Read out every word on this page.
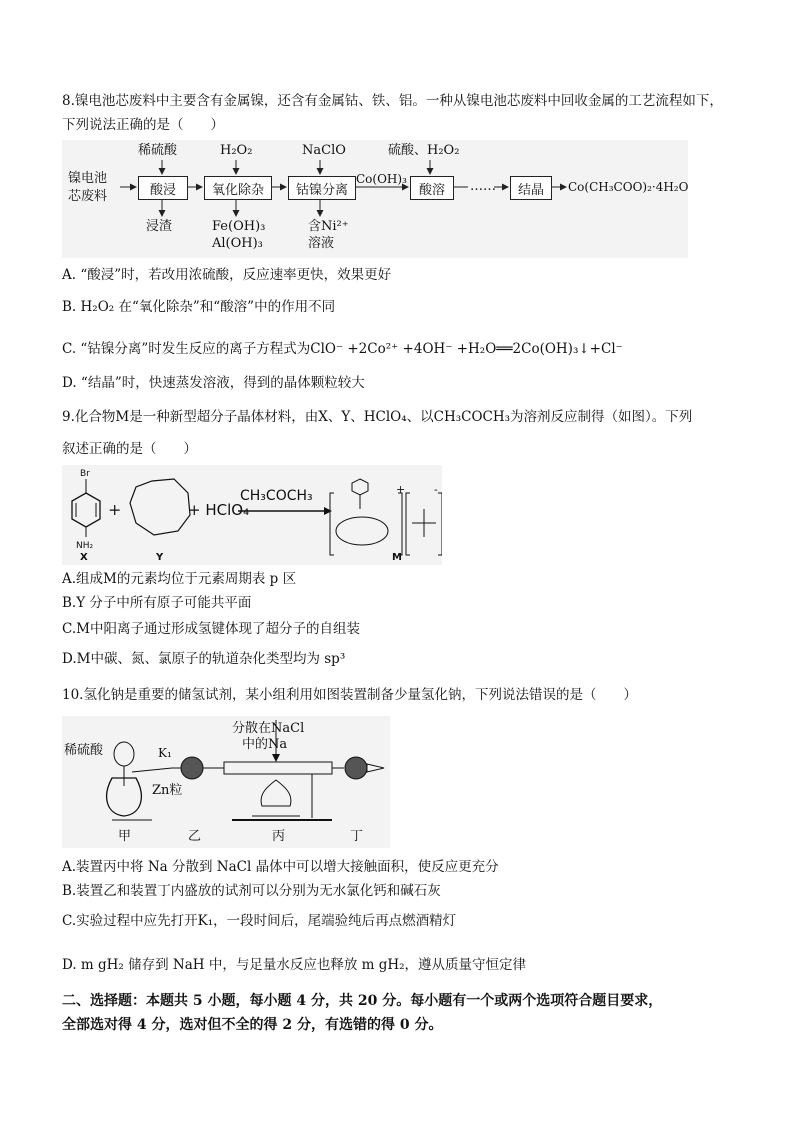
8.镍电池芯废料中主要含有金属镍，还含有金属钴、铁、铝。一种从镍电池芯废料中回收金属的工艺流程如下，
下列说法正确的是（　　）
镍电池
芯废料
稀硫酸	H₂O₂	NaClO	硫酸、H₂O₂
酸浸	氧化除杂	钴镍分离	酸溶	结晶
Co(OH)₃	……	Co(CH₃COO)₂·4H₂O
浸渣	Fe(OH)₃
Al(OH)₃
含Ni²⁺
溶液
A. “酸浸”时，若改用浓硫酸，反应速率更快，效果更好
B. H₂O₂ 在“氧化除杂”和“酸溶”中的作用不同
C. “钴镍分离”时发生反应的离子方程式为ClO⁻ +2Co²⁺ +4OH⁻ +H₂O══2Co(OH)₃↓+Cl⁻
D. “结晶”时，快速蒸发溶液，得到的晶体颗粒较大
9.化合物M是一种新型超分子晶体材料，由X、Y、HClO₄、以CH₃COCH₃为溶剂反应制得（如图）。下列
叙述正确的是（　　）
Br
NH₂
+	+ HClO₄
CH₃COCH₃
X	Y	M
+	-
A.组成M的元素均位于元素周期表 p 区
B.Y 分子中所有原子可能共平面
C.M中阳离子通过形成氢键体现了超分子的自组装
D.M中碳、氮、氯原子的轨道杂化类型均为 sp³
10.氢化钠是重要的储氢试剂，某小组利用如图装置制备少量氢化钠，下列说法错误的是（　　）
稀硫酸
Zn粒
K₁
分散在NaCl
中的Na
甲	乙	丙	丁
A.装置丙中将 Na 分散到 NaCl 晶体中可以增大接触面积，使反应更充分
B.装置乙和装置丁内盛放的试剂可以分别为无水氯化钙和碱石灰
C.实验过程中应先打开K₁，一段时间后，尾端验纯后再点燃酒精灯
D. m gH₂ 储存到 NaH 中，与足量水反应也释放 m gH₂，遵从质量守恒定律
二、选择题：本题共 5 小题，每小题 4 分，共 20 分。每小题有一个或两个选项符合题目要求，
全部选对得 4 分，选对但不全的得 2 分，有选错的得 0 分。
